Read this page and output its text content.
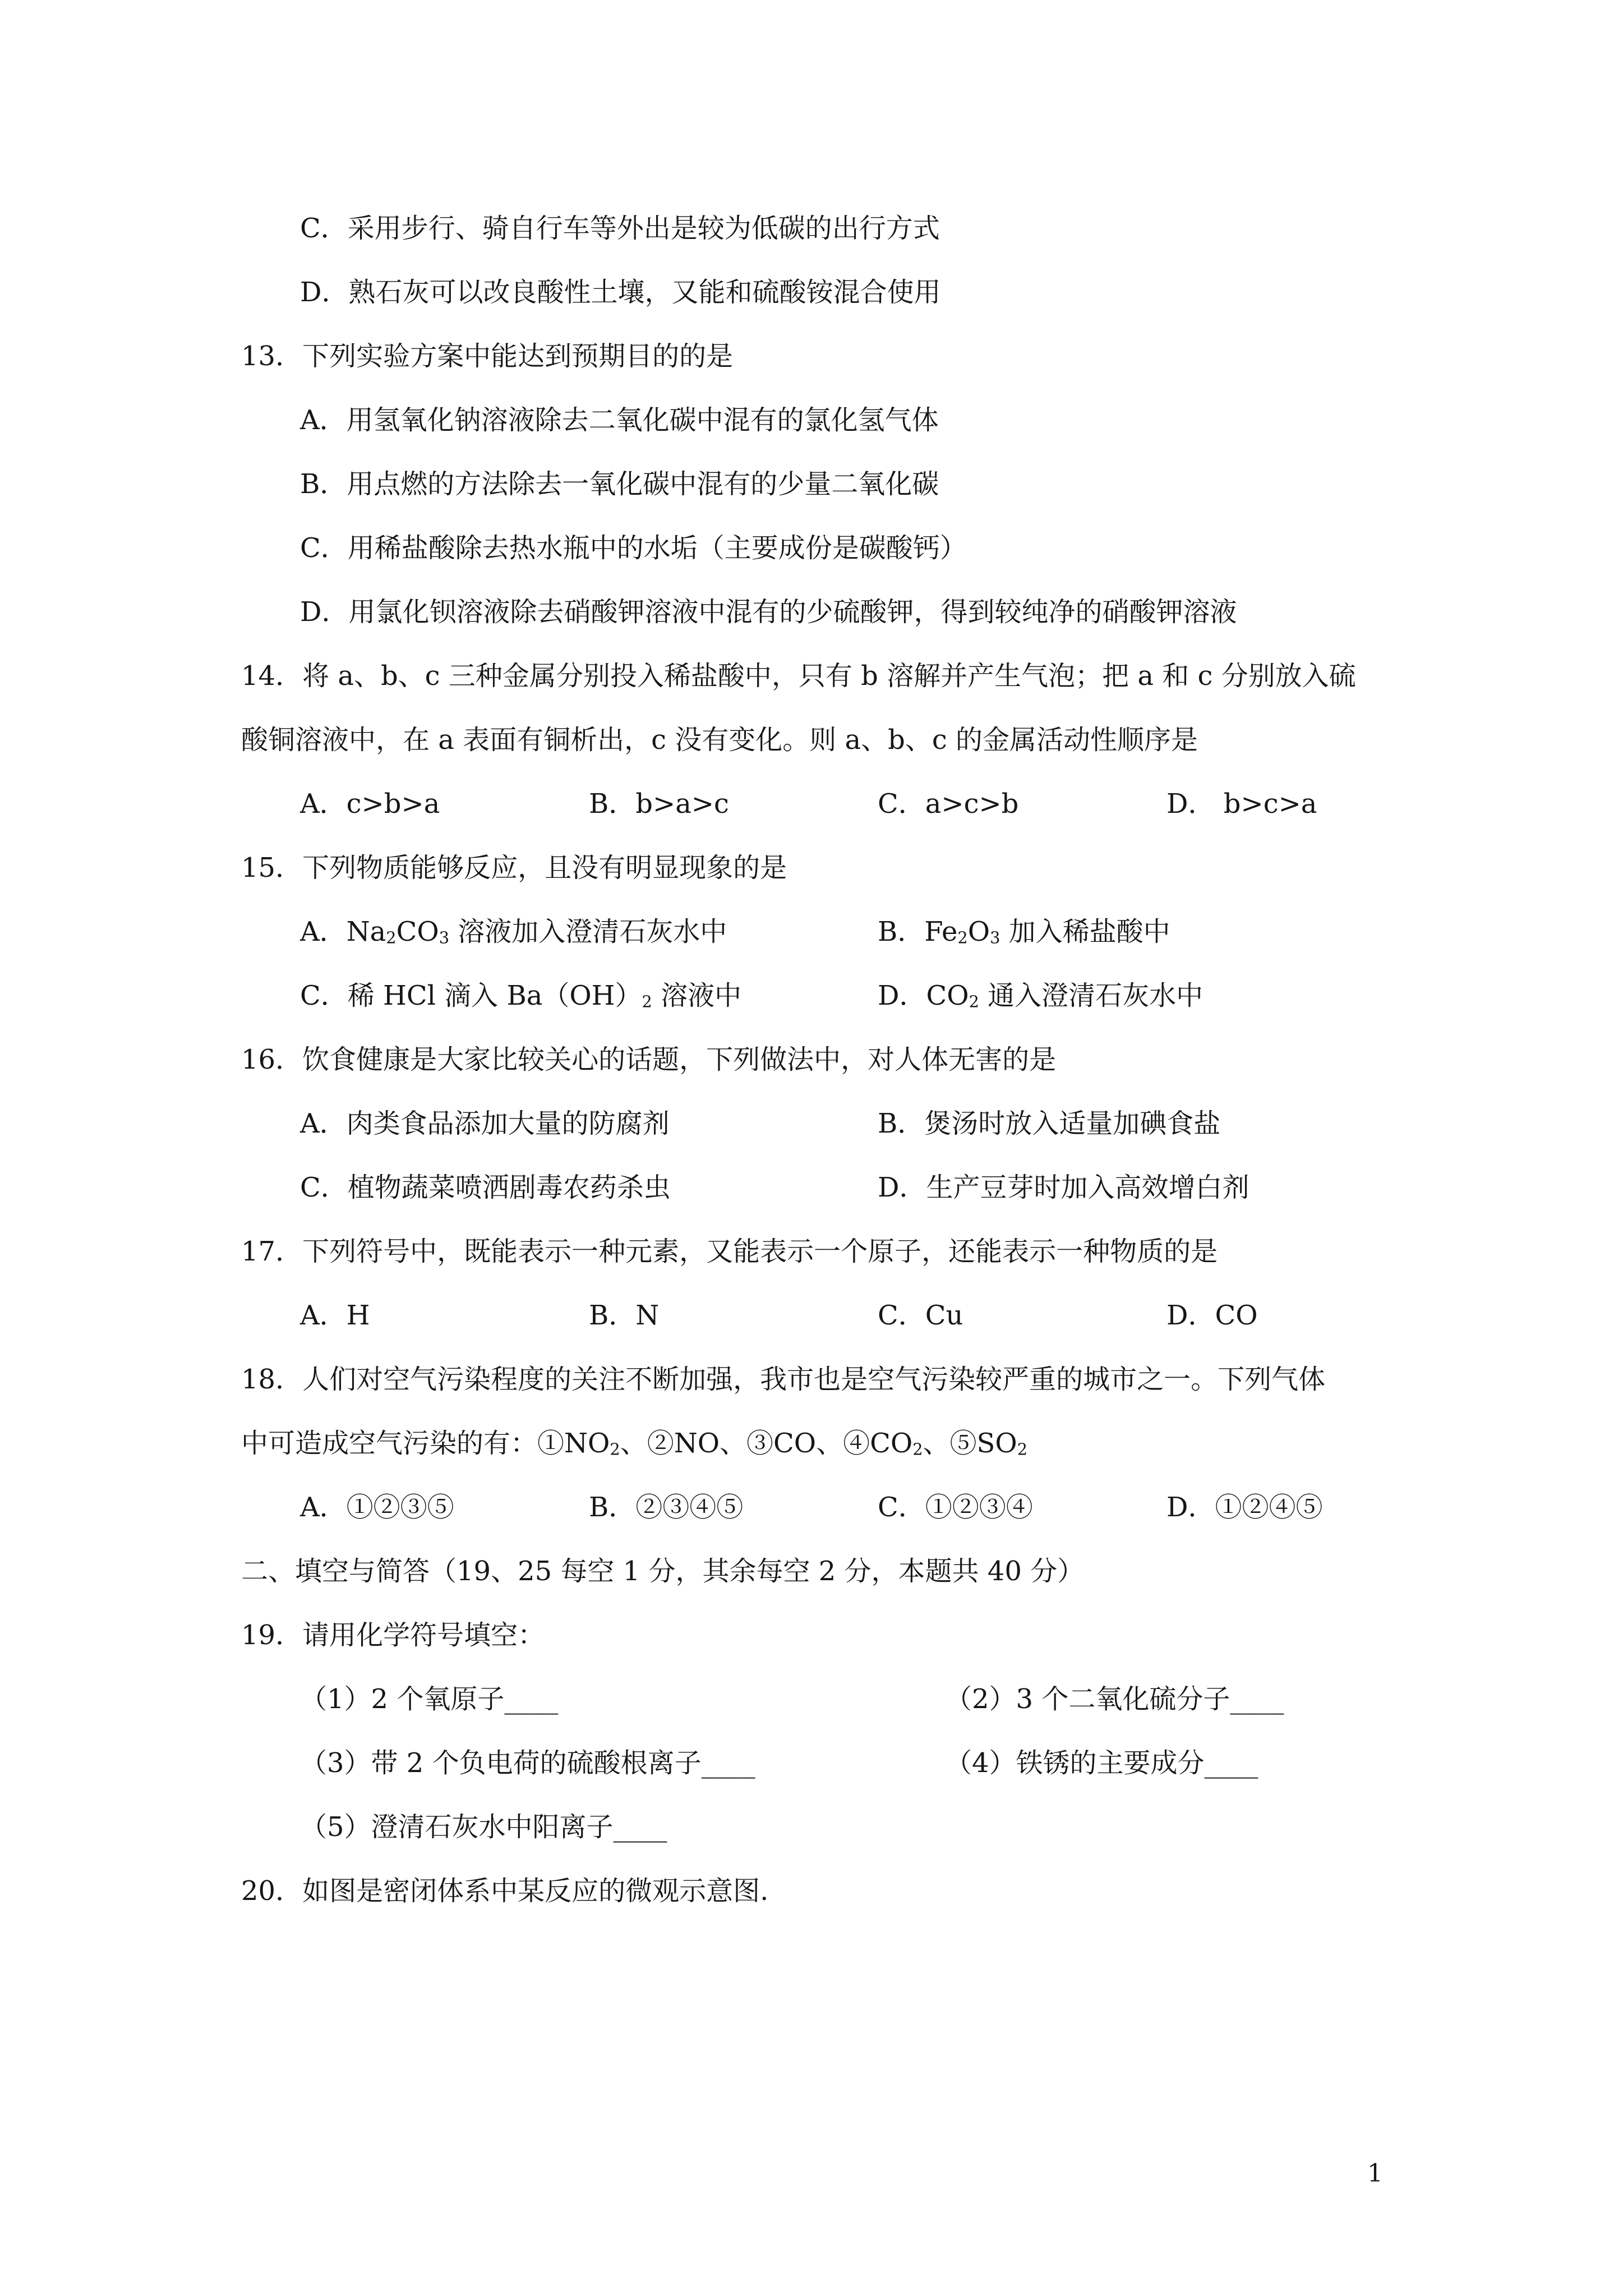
C．采用步行、骑自行车等外出是较为低碳的出行方式
D．熟石灰可以改良酸性土壤，又能和硫酸铵混合使用
13．下列实验方案中能达到预期目的的是
A．用氢氧化钠溶液除去二氧化碳中混有的氯化氢气体
B．用点燃的方法除去一氧化碳中混有的少量二氧化碳
C．用稀盐酸除去热水瓶中的水垢（主要成份是碳酸钙）
D．用氯化钡溶液除去硝酸钾溶液中混有的少硫酸钾，得到较纯净的硝酸钾溶液
14．将 a、b、c 三种金属分别投入稀盐酸中，只有 b 溶解并产生气泡；把 a 和 c 分别放入硫
酸铜溶液中，在 a 表面有铜析出，c 没有变化。则 a、b、c 的金属活动性顺序是
A．c>b>a	B．b>a>c	C．a>c>b	D． b>c>a
15．下列物质能够反应，且没有明显现象的是
A．Na2CO3 溶液加入澄清石灰水中	B．Fe2O3 加入稀盐酸中
C．稀 HCl 滴入 Ba（OH）2 溶液中	D．CO2 通入澄清石灰水中
16．饮食健康是大家比较关心的话题，下列做法中，对人体无害的是
A．肉类食品添加大量的防腐剂	B．煲汤时放入适量加碘食盐
C．植物蔬菜喷洒剧毒农药杀虫	D．生产豆芽时加入高效增白剂
17．下列符号中，既能表示一种元素，又能表示一个原子，还能表示一种物质的是
A．H	B．N	C．Cu	D．CO
18．人们对空气污染程度的关注不断加强，我市也是空气污染较严重的城市之一。下列气体
中可造成空气污染的有：①NO2、②NO、③CO、④CO2、⑤SO2
A．①②③⑤	B．②③④⑤	C．①②③④	D．①②④⑤
二、填空与简答（19、25 每空 1 分，其余每空 2 分，本题共 40 分）
19．请用化学符号填空：
（1）2 个氧原子____	（2）3 个二氧化硫分子____
（3）带 2 个负电荷的硫酸根离子____	（4）铁锈的主要成分____
（5）澄清石灰水中阳离子____
20．如图是密闭体系中某反应的微观示意图.
1
